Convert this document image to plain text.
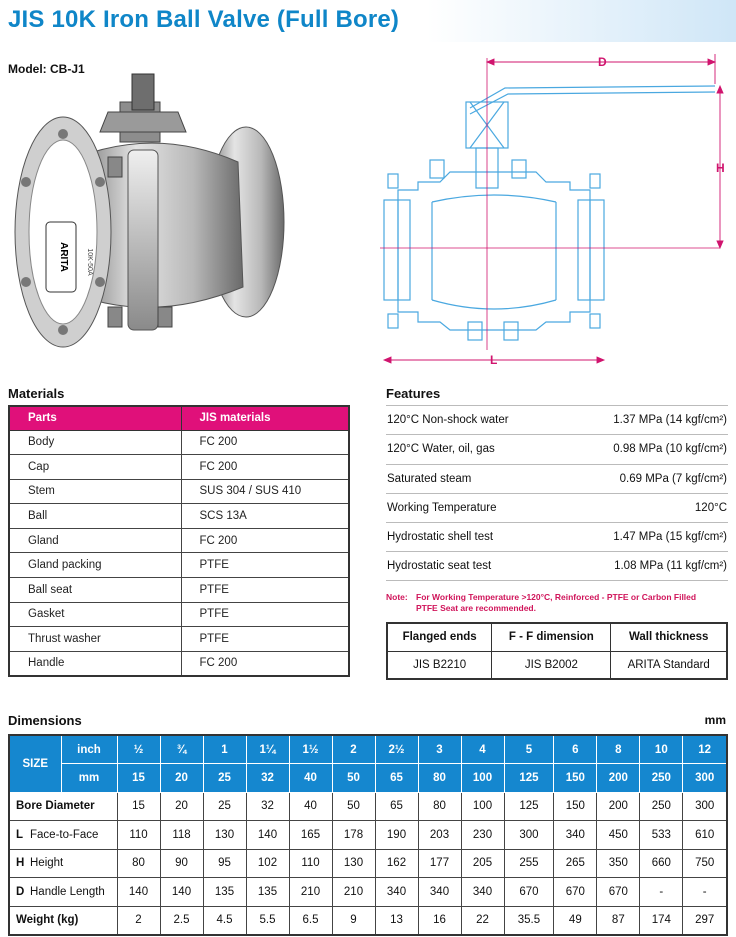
JIS 10K Iron Ball Valve (Full Bore)
Model: CB-J1
ARITA 10K-50A
D
H
L
Materials
Parts	JIS materials
Body	FC 200
Cap	FC 200
Stem	SUS 304 / SUS 410
Ball	SCS 13A
Gland	FC 200
Gland packing	PTFE
Ball seat	PTFE
Gasket	PTFE
Thrust washer	PTFE
Handle	FC 200
Features
120°C Non-shock water	1.37 MPa (14 kgf/cm²)
120°C Water, oil, gas	0.98 MPa (10 kgf/cm²)
Saturated steam	0.69 MPa (7 kgf/cm²)
Working Temperature	120°C
Hydrostatic shell test	1.47 MPa (15 kgf/cm²)
Hydrostatic seat test	1.08 MPa (11 kgf/cm²)
Note: For Working Temperature >120°C, Reinforced - PTFE or Carbon Filled
PTFE Seat are recommended.
Flanged ends	F - F dimension	Wall thickness
JIS B2210	JIS B2002	ARITA Standard
Dimensions	mm
SIZE	inch	½	¾	1	1¼	1½	2	2½	3	4	5	6	8	10	12
	mm	15	20	25	32	40	50	65	80	100	125	150	200	250	300
Bore Diameter		15	20	25	32	40	50	65	80	100	125	150	200	250	300
L Face-to-Face		110	118	130	140	165	178	190	203	230	300	340	450	533	610
H Height		80	90	95	102	110	130	162	177	205	255	265	350	660	750
D Handle Length		140	140	135	135	210	210	340	340	340	670	670	670	-	-
Weight (kg)		2	2.5	4.5	5.5	6.5	9	13	16	22	35.5	49	87	174	297
